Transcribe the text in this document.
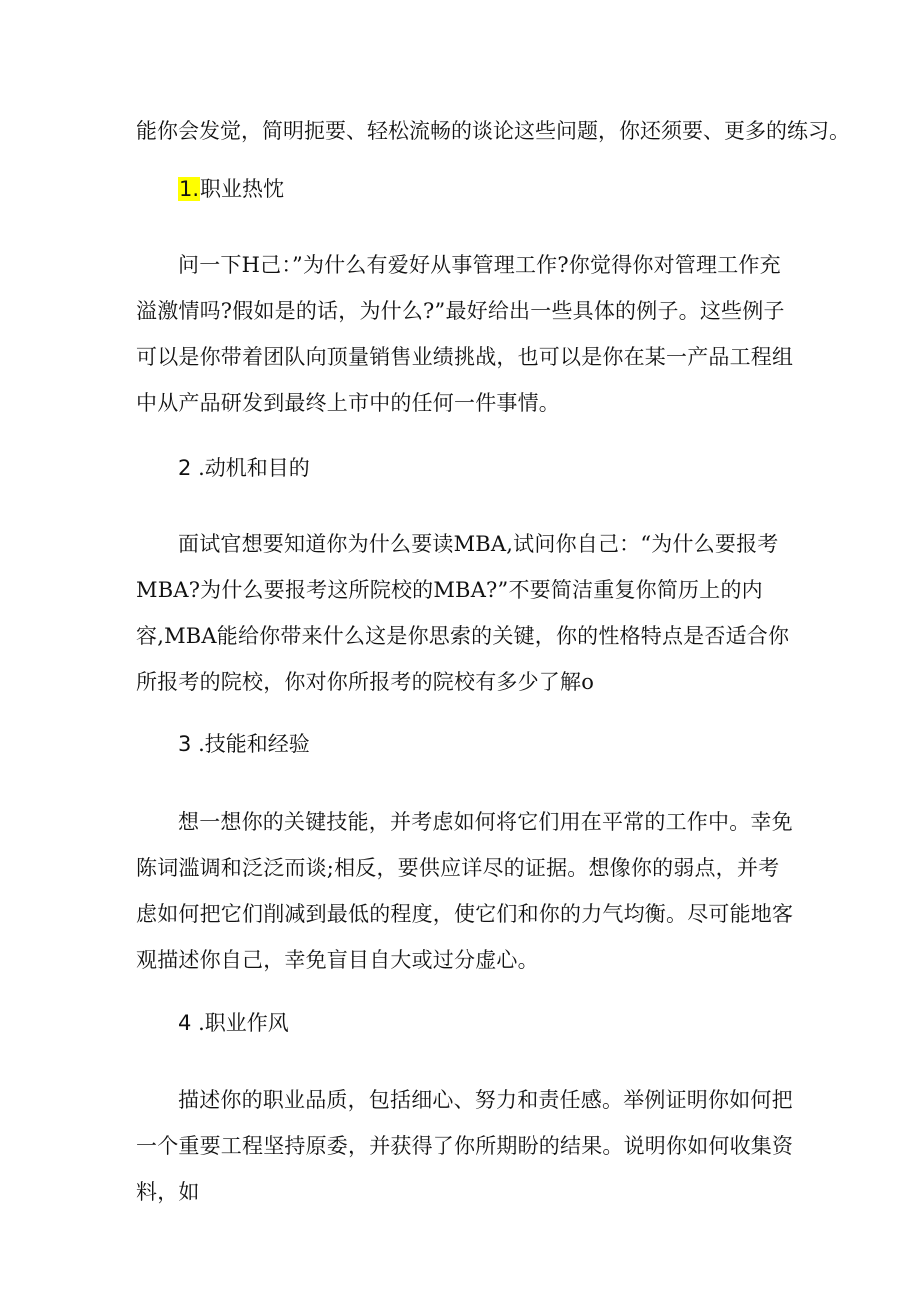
能你会发觉，简明扼要、轻松流畅的谈论这些问题，你还须要、更多的练习。
1.职业热忱
问一下H己：”为什么有爱好从事管理工作?你觉得你对管理工作充溢激情吗?假如是的话，为什么?”最好给出一些具体的例子。这些例子可以是你带着团队向顶量销售业绩挑战，也可以是你在某一产品工程组中从产品研发到最终上市中的任何一件事情。
2 .动机和目的
面试官想要知道你为什么要读MBA,试问你自己：“为什么要报考MBA?为什么要报考这所院校的MBA?”不要简洁重复你简历上的内容,MBA能给你带来什么这是你思索的关键，你的性格特点是否适合你所报考的院校，你对你所报考的院校有多少了解o
3 .技能和经验
想一想你的关键技能，并考虑如何将它们用在平常的工作中。幸免陈词滥调和泛泛而谈;相反，要供应详尽的证据。想像你的弱点，并考虑如何把它们削减到最低的程度，使它们和你的力气均衡。尽可能地客观描述你自己，幸免盲目自大或过分虚心。
4 .职业作风
描述你的职业品质，包括细心、努力和责任感。举例证明你如何把一个重要工程坚持原委，并获得了你所期盼的结果。说明你如何收集资料，如
